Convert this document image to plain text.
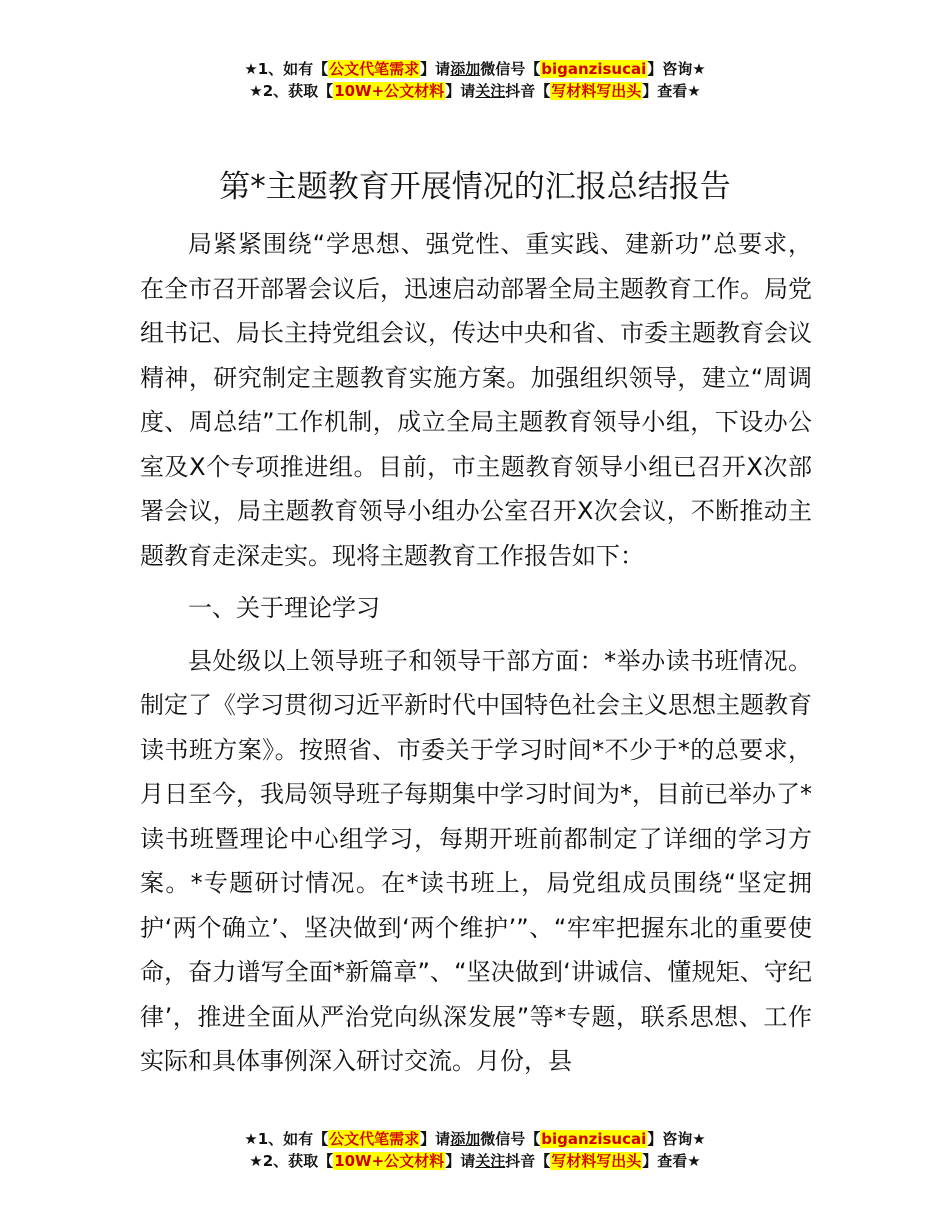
★1、如有【公文代笔需求】请添加微信号【biganzisucai】咨询★
★2、获取【10W+公文材料】请关注抖音【写材料写出头】查看★
第*主题教育开展情况的汇报总结报告

局紧紧围绕“学思想、强党性、重实践、建新功”总要求，在全市召开部署会议后，迅速启动部署全局主题教育工作。局党组书记、局长主持党组会议，传达中央和省、市委主题教育会议精神，研究制定主题教育实施方案。加强组织领导，建立“周调度、周总结”工作机制，成立全局主题教育领导小组，下设办公室及X个专项推进组。目前，市主题教育领导小组已召开X次部署会议，局主题教育领导小组办公室召开X次会议，不断推动主题教育走深走实。现将主题教育工作报告如下：

一、关于理论学习

县处级以上领导班子和领导干部方面：*举办读书班情况。制定了《学习贯彻习近平新时代中国特色社会主义思想主题教育读书班方案》。按照省、市委关于学习时间*不少于*的总要求，月日至今，我局领导班子每期集中学习时间为*，目前已举办了*读书班暨理论中心组学习，每期开班前都制定了详细的学习方案。*专题研讨情况。在*读书班上，局党组成员围绕“坚定拥护‘两个确立’、坚决做到‘两个维护’”、“牢牢把握东北的重要使命，奋力谱写全面*新篇章”、“坚决做到‘讲诚信、懂规矩、守纪律’，推进全面从严治党向纵深发展”等*专题，联系思想、工作实际和具体事例深入研讨交流。月份，县

★1、如有【公文代笔需求】请添加微信号【biganzisucai】咨询★
★2、获取【10W+公文材料】请关注抖音【写材料写出头】查看★
